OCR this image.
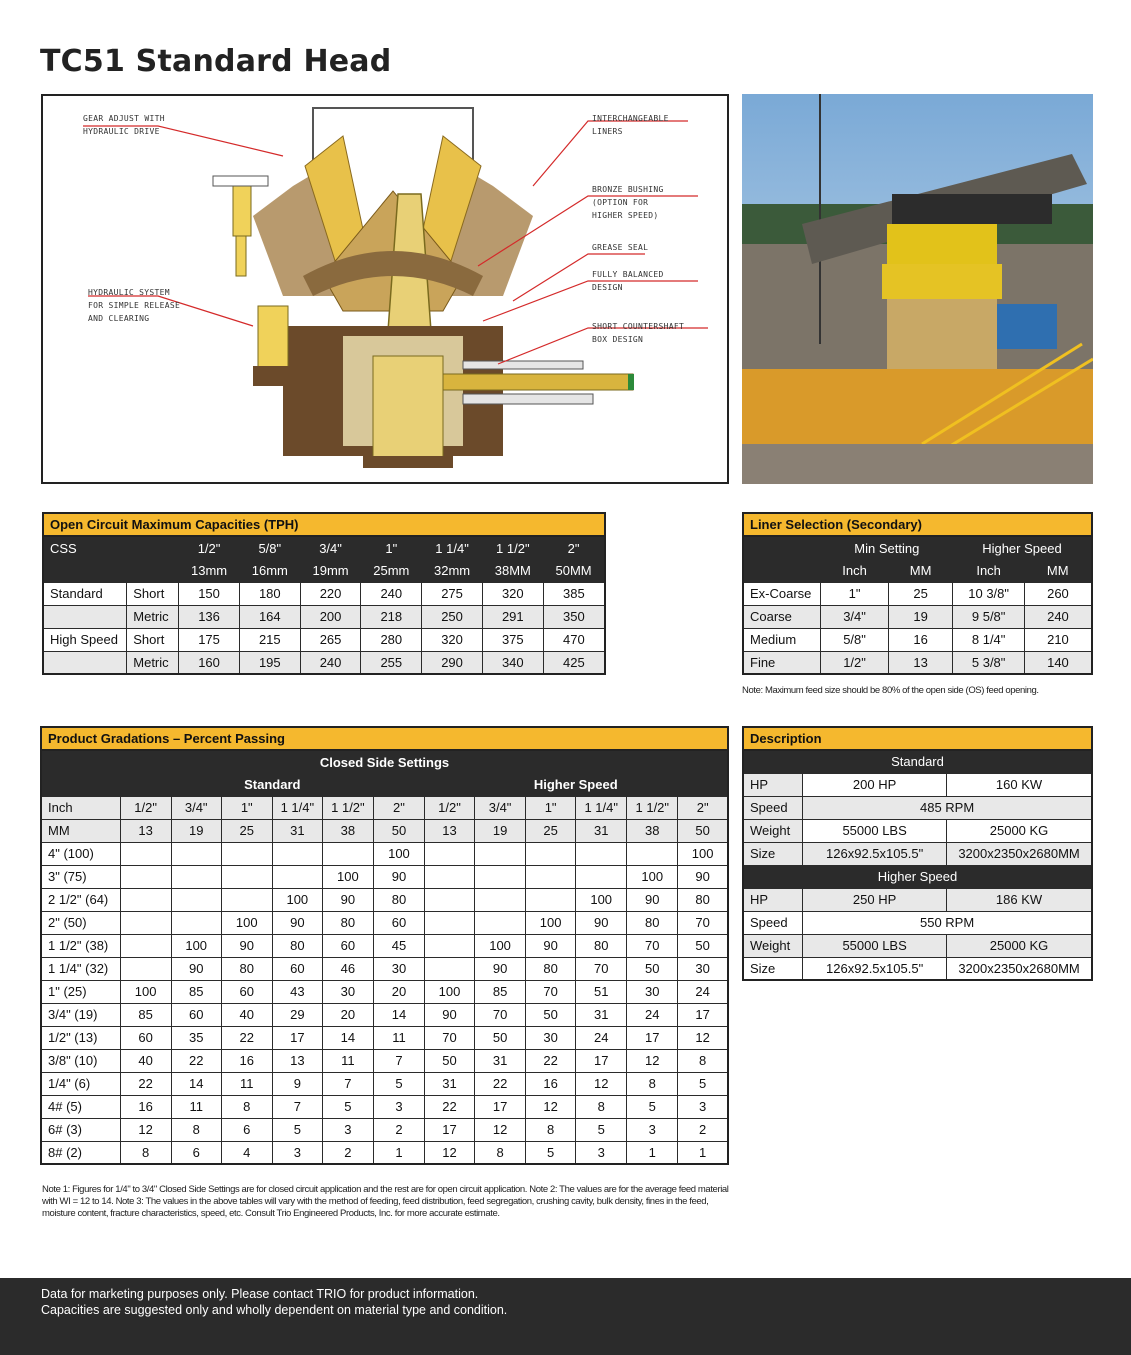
TC51 Standard Head
GEAR ADJUST WITH
HYDRAULIC DRIVE
HYDRAULIC SYSTEM
FOR SIMPLE RELEASE
AND CLEARING
INTERCHANGEABLE
LINERS
BRONZE BUSHING
(OPTION FOR
HIGHER SPEED)
GREASE SEAL
FULLY BALANCED
DESIGN
SHORT COUNTERSHAFT
BOX DESIGN
Open Circuit Maximum Capacities (TPH)								
CSS		1/2"	5/8"	3/4"	1"	1 1/4"	1 1/2"	2"
		13mm	16mm	19mm	25mm	32mm	38MM	50MM
Standard	Short	150	180	220	240	275	320	385
	Metric	136	164	200	218	250	291	350
High Speed	Short	175	215	265	280	320	375	470
	Metric	160	195	240	255	290	340	425
Liner Selection (Secondary)				
	Min Setting		Higher Speed	
	Inch	MM	Inch	MM
Ex-Coarse	1"	25	10 3/8"	260
Coarse	3/4"	19	9 5/8"	240
Medium	5/8"	16	8 1/4"	210
Fine	1/2"	13	5 3/8"	140
Note: Maximum feed size should be 80% of the open side (OS) feed opening.
Product Gradations – Percent Passing												
Closed Side Settings												
	Standard						Higher Speed					
Inch	1/2"	3/4"	1"	1 1/4"	1 1/2"	2"	1/2"	3/4"	1"	1 1/4"	1 1/2"	2"
MM	13	19	25	31	38	50	13	19	25	31	38	50
4" (100)						100						100
3" (75)					100	90					100	90
2 1/2" (64)				100	90	80				100	90	80
2" (50)			100	90	80	60			100	90	80	70
1 1/2" (38)		100	90	80	60	45		100	90	80	70	50
1 1/4" (32)		90	80	60	46	30		90	80	70	50	30
1" (25)	100	85	60	43	30	20	100	85	70	51	30	24
3/4" (19)	85	60	40	29	20	14	90	70	50	31	24	17
1/2" (13)	60	35	22	17	14	11	70	50	30	24	17	12
3/8" (10)	40	22	16	13	11	7	50	31	22	17	12	8
1/4" (6)	22	14	11	9	7	5	31	22	16	12	8	5
4# (5)	16	11	8	7	5	3	22	17	12	8	5	3
6# (3)	12	8	6	5	3	2	17	12	8	5	3	2
8# (2)	8	6	4	3	2	1	12	8	5	3	1	1
Note 1: Figures for 1/4" to 3/4" Closed Side Settings are for closed circuit application and the rest are for open circuit application. Note 2: The values are for the average feed material with WI = 12 to 14. Note 3: The values in the above tables will vary with the method of feeding, feed distribution, feed segregation, crushing cavity, bulk density, fines in the feed, moisture content, fracture characteristics, speed, etc. Consult Trio Engineered Products, Inc. for more accurate estimate.
Description		
Standard		
HP	200 HP	160 KW
Speed	485 RPM	
Weight	55000 LBS	25000 KG
Size	126x92.5x105.5"	3200x2350x2680MM
Higher Speed		
HP	250 HP	186 KW
Speed	550 RPM	
Weight	55000 LBS	25000 KG
Size	126x92.5x105.5"	3200x2350x2680MM

Data for marketing purposes only. Please contact TRIO for product information.

Capacities are suggested only and wholly dependent on material type and condition.
